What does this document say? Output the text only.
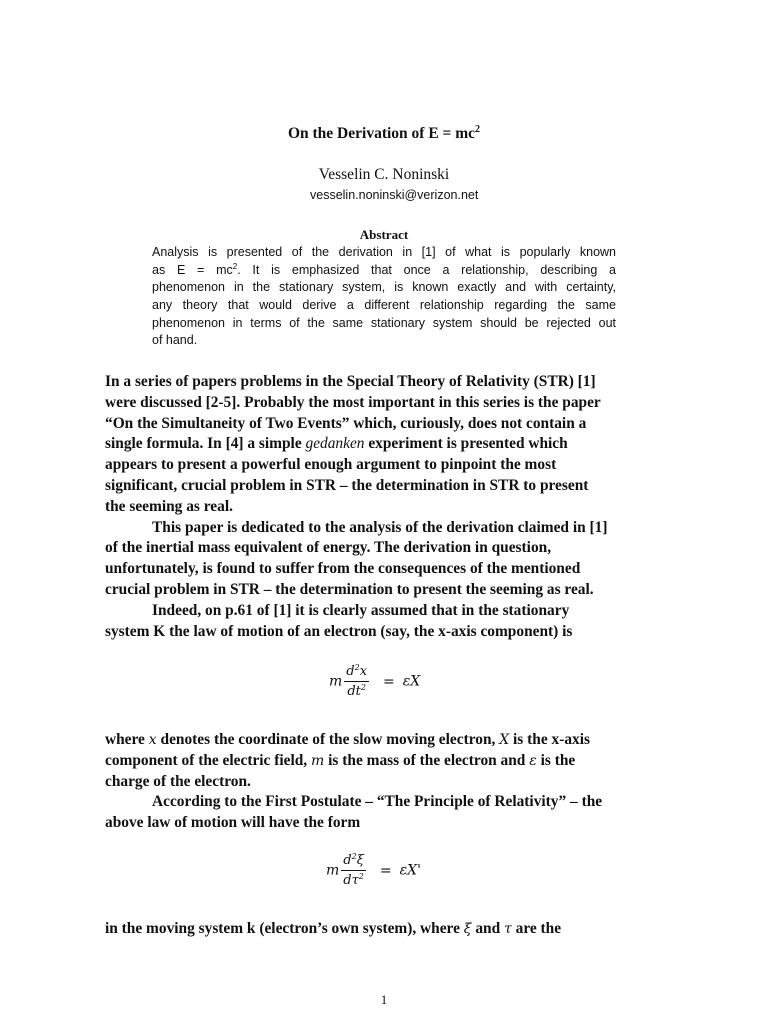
On the Derivation of $E = mc^2$
Vesselin C. Noninski
vesselin.noninski@verizon.net
Abstract
Analysis is presented of the derivation in [1] of what is popularly known
as $E = mc^2$. It is emphasized that once a relationship, describing a
phenomenon in the stationary system, is known exactly and with certainty,
any theory that would derive a different relationship regarding the same
phenomenon in terms of the same stationary system should be rejected out
of hand.
In a series of papers problems in the Special Theory of Relativity (STR) [1]
were discussed [2-5]. Probably the most important in this series is the paper
“On the Simultaneity of Two Events” which, curiously, does not contain a
single formula. In [4] a simple gedanken experiment is presented which
appears to present a powerful enough argument to pinpoint the most
significant, crucial problem in STR – the determination in STR to present
the seeming as real.
This paper is dedicated to the analysis of the derivation claimed in [1]
of the inertial mass equivalent of energy. The derivation in question,
unfortunately, is found to suffer from the consequences of the mentioned
crucial problem in STR – the determination to present the seeming as real.
Indeed, on p.61 of [1] it is clearly assumed that in the stationary
system K the law of motion of an electron (say, the x-axis component) is
m $\frac{d^2x}{dt^2} = \varepsilon X$
where x denotes the coordinate of the slow moving electron, X is the x-axis
component of the electric field, m is the mass of the electron and ε is the
charge of the electron.
According to the First Postulate – “The Principle of Relativity” – the
above law of motion will have the form
m $\frac{d^2\xi}{d\tau^2} = \varepsilon X'$
in the moving system k (electron’s own system), where ξ and τ are the
1
